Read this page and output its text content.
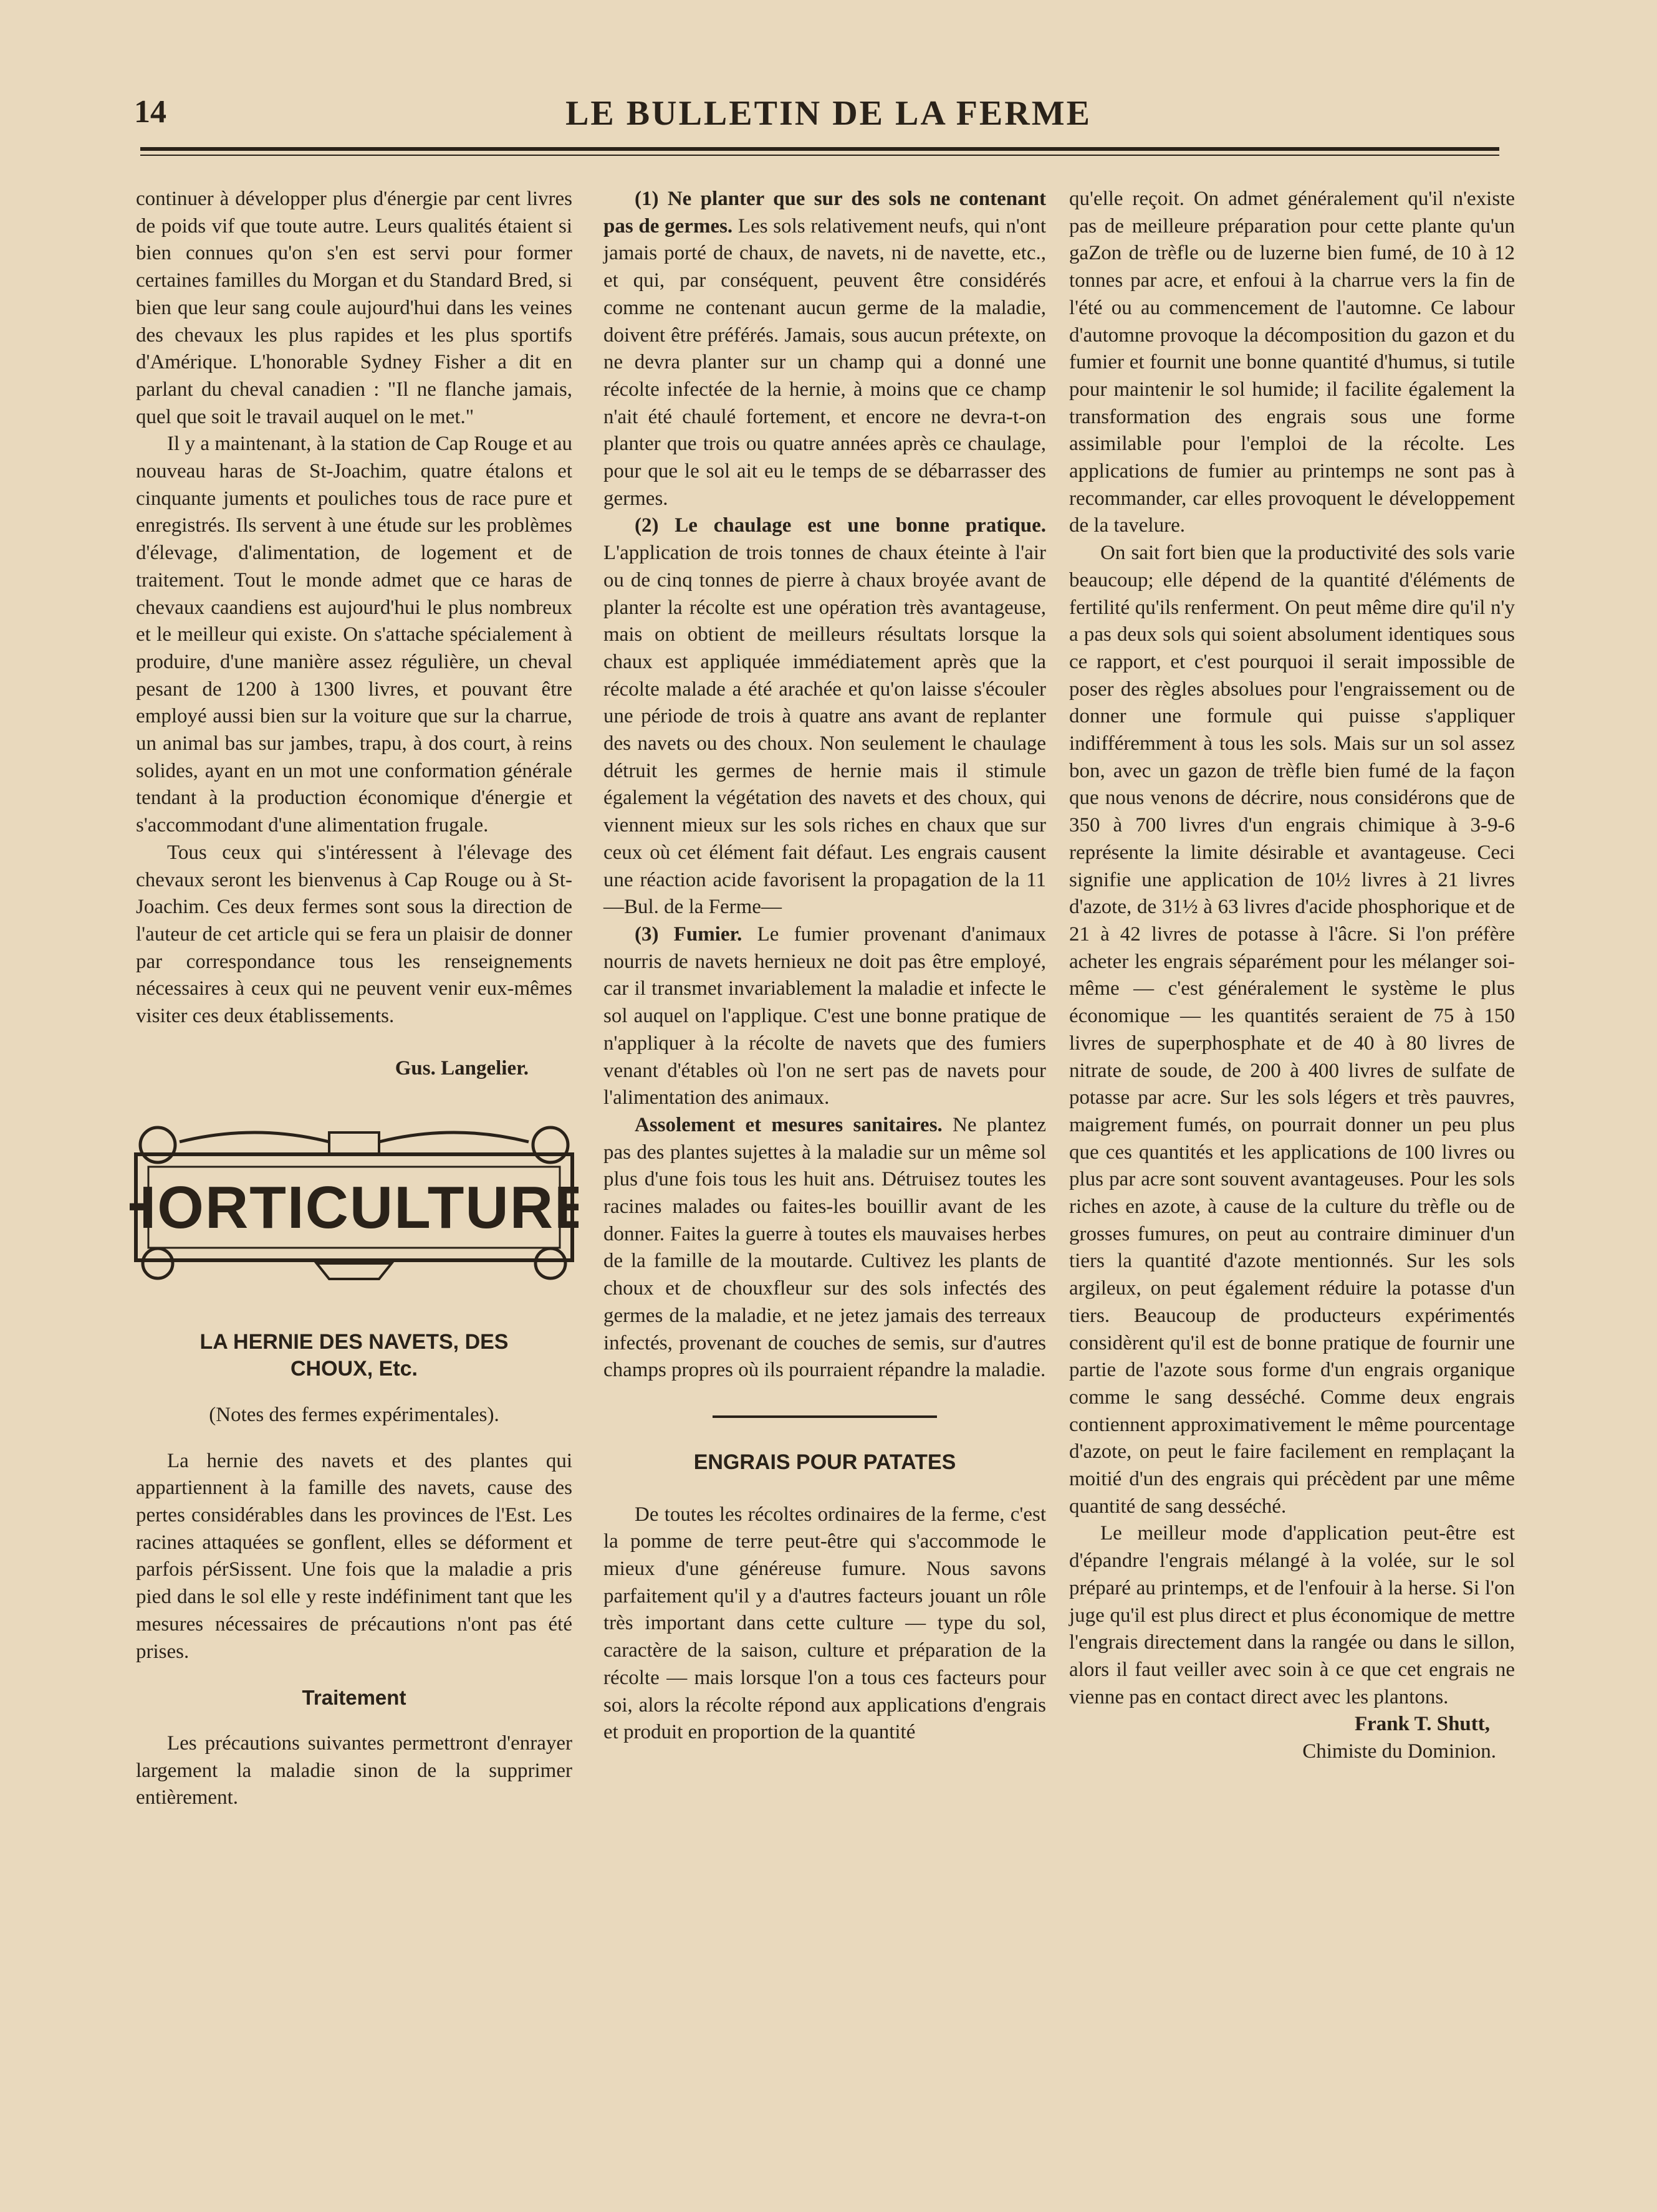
14	LE BULLETIN DE LA FERME

continuer à développer plus d'énergie par cent livres de poids vif que toute autre. Leurs qualités étaient si bien connues qu'on s'en est servi pour former certaines familles du Morgan et du Standard Bred, si bien que leur sang coule aujourd'hui dans les veines des chevaux les plus rapides et les plus sportifs d'Amérique. L'honorable Sydney Fisher a dit en parlant du cheval canadien : "Il ne flanche jamais, quel que soit le travail auquel on le met."

Il y a maintenant, à la station de Cap Rouge et au nouveau haras de St-Joachim, quatre étalons et cinquante juments et pouliches tous de race pure et enregistrés. Ils servent à une étude sur les problèmes d'élevage, d'alimentation, de logement et de traitement. Tout le monde admet que ce haras de chevaux caandiens est aujourd'hui le plus nombreux et le meilleur qui existe. On s'attache spécialement à produire, d'une manière assez régulière, un cheval pesant de 1200 à 1300 livres, et pouvant être employé aussi bien sur la voiture que sur la charrue, un animal bas sur jambes, trapu, à dos court, à reins solides, ayant en un mot une conformation générale tendant à la production économique d'énergie et s'accommodant d'une alimentation frugale.

Tous ceux qui s'intéressent à l'élevage des chevaux seront les bienvenus à Cap Rouge ou à St-Joachim. Ces deux fermes sont sous la direction de l'auteur de cet article qui se fera un plaisir de donner par correspondance tous les renseignements nécessaires à ceux qui ne peuvent venir eux-mêmes visiter ces deux établissements.

Gus. Langelier.

HORTICULTURE

LA HERNIE DES NAVETS, DES CHOUX, Etc.

(Notes des fermes expérimentales).

La hernie des navets et des plantes qui appartiennent à la famille des navets, cause des pertes considérables dans les provinces de l'Est. Les racines attaquées se gonflent, elles se déforment et parfois pérSissent. Une fois que la maladie a pris pied dans le sol elle y reste indéfiniment tant que les mesures nécessaires de précautions n'ont pas été prises.

Traitement

Les précautions suivantes permettront d'enrayer largement la maladie sinon de la supprimer entièrement.

(1) Ne planter que sur des sols ne contenant pas de germes. Les sols relativement neufs, qui n'ont jamais porté de chaux, de navets, ni de navette, etc., et qui, par conséquent, peuvent être considérés comme ne contenant aucun germe de la maladie, doivent être préférés. Jamais, sous aucun prétexte, on ne devra planter sur un champ qui a donné une récolte infectée de la hernie, à moins que ce champ n'ait été chaulé fortement, et encore ne devra-t-on planter que trois ou quatre années après ce chaulage, pour que le sol ait eu le temps de se débarrasser des germes.

(2) Le chaulage est une bonne pratique. L'application de trois tonnes de chaux éteinte à l'air ou de cinq tonnes de pierre à chaux broyée avant de planter la récolte est une opération très avantageuse, mais on obtient de meilleurs résultats lorsque la chaux est appliquée immédiatement après que la récolte malade a été arachée et qu'on laisse s'écouler une période de trois à quatre ans avant de replanter des navets ou des choux. Non seulement le chaulage détruit les germes de hernie mais il stimule également la végétation des navets et des choux, qui viennent mieux sur les sols riches en chaux que sur ceux où cet élément fait défaut. Les engrais causent une réaction acide favorisent la propagation de la 11—Bul. de la Ferme—

(3) Fumier. Le fumier provenant d'animaux nourris de navets hernieux ne doit pas être employé, car il transmet invariablement la maladie et infecte le sol auquel on l'applique. C'est une bonne pratique de n'appliquer à la récolte de navets que des fumiers venant d'étables où l'on ne sert pas de navets pour l'alimentation des animaux.

Assolement et mesures sanitaires. Ne plantez pas des plantes sujettes à la maladie sur un même sol plus d'une fois tous les huit ans. Détruisez toutes les racines malades ou faites-les bouillir avant de les donner. Faites la guerre à toutes els mauvaises herbes de la famille de la moutarde. Cultivez les plants de choux et de chouxfleur sur des sols infectés des germes de la maladie, et ne jetez jamais des terreaux infectés, provenant de couches de semis, sur d'autres champs propres où ils pourraient répandre la maladie.

ENGRAIS POUR PATATES

De toutes les récoltes ordinaires de la ferme, c'est la pomme de terre peut-être qui s'accommode le mieux d'une généreuse fumure. Nous savons parfaitement qu'il y a d'autres facteurs jouant un rôle très important dans cette culture — type du sol, caractère de la saison, culture et préparation de la récolte — mais lorsque l'on a tous ces facteurs pour soi, alors la récolte répond aux applications d'engrais et produit en proportion de la quantité

qu'elle reçoit. On admet généralement qu'il n'existe pas de meilleure préparation pour cette plante qu'un gaZon de trèfle ou de luzerne bien fumé, de 10 à 12 tonnes par acre, et enfoui à la charrue vers la fin de l'été ou au commencement de l'automne. Ce labour d'automne provoque la décomposition du gazon et du fumier et fournit une bonne quantité d'humus, si tutile pour maintenir le sol humide; il facilite également la transformation des engrais sous une forme assimilable pour l'emploi de la récolte. Les applications de fumier au printemps ne sont pas à recommander, car elles provoquent le développement de la tavelure.

On sait fort bien que la productivité des sols varie beaucoup; elle dépend de la quantité d'éléments de fertilité qu'ils renferment. On peut même dire qu'il n'y a pas deux sols qui soient absolument identiques sous ce rapport, et c'est pourquoi il serait impossible de poser des règles absolues pour l'engraissement ou de donner une formule qui puisse s'appliquer indifféremment à tous les sols. Mais sur un sol assez bon, avec un gazon de trèfle bien fumé de la façon que nous venons de décrire, nous considérons que de 350 à 700 livres d'un engrais chimique à 3-9-6 représente la limite désirable et avantageuse. Ceci signifie une application de 10½ livres à 21 livres d'azote, de 31½ à 63 livres d'acide phosphorique et de 21 à 42 livres de potasse à l'âcre. Si l'on préfère acheter les engrais séparément pour les mélanger soi-même — c'est généralement le système le plus économique — les quantités seraient de 75 à 150 livres de superphosphate et de 40 à 80 livres de nitrate de soude, de 200 à 400 livres de sulfate de potasse par acre. Sur les sols légers et très pauvres, maigrement fumés, on pourrait donner un peu plus que ces quantités et les applications de 100 livres ou plus par acre sont souvent avantageuses. Pour les sols riches en azote, à cause de la culture du trèfle ou de grosses fumures, on peut au contraire diminuer d'un tiers la quantité d'azote mentionnés. Sur les sols argileux, on peut également réduire la potasse d'un tiers. Beaucoup de producteurs expérimentés considèrent qu'il est de bonne pratique de fournir une partie de l'azote sous forme d'un engrais organique comme le sang desséché. Comme deux engrais contiennent approximativement le même pourcentage d'azote, on peut le faire facilement en remplaçant la moitié d'un des engrais qui précèdent par une même quantité de sang desséché.

Le meilleur mode d'application peut-être est d'épandre l'engrais mélangé à la volée, sur le sol préparé au printemps, et de l'enfouir à la herse. Si l'on juge qu'il est plus direct et plus économique de mettre l'engrais directement dans la rangée ou dans le sillon, alors il faut veiller avec soin à ce que cet engrais ne vienne pas en contact direct avec les plantons.

Frank T. Shutt,

Chimiste du Dominion.
